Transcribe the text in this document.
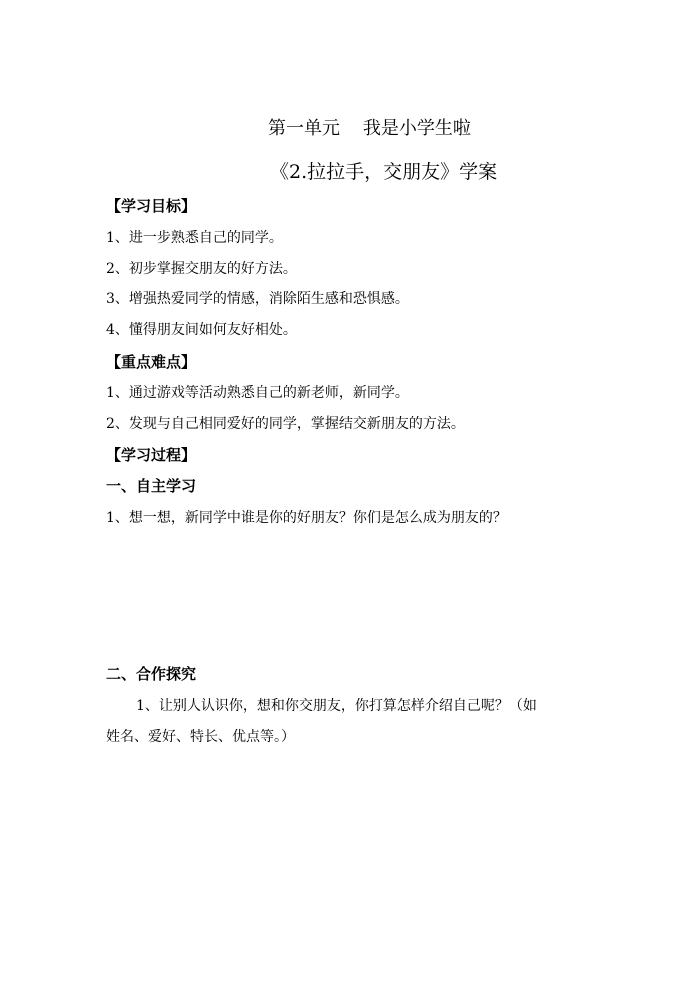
第一单元    我是小学生啦
《2.拉拉手，交朋友》学案
【学习目标】
1、进一步熟悉自己的同学。
2、初步掌握交朋友的好方法。
3、增强热爱同学的情感，消除陌生感和恐惧感。
4、懂得朋友间如何友好相处。
【重点难点】
1、通过游戏等活动熟悉自己的新老师，新同学。
2、发现与自己相同爱好的同学，掌握结交新朋友的方法。
【学习过程】
一、自主学习
1、想一想，新同学中谁是你的好朋友？你们是怎么成为朋友的？
二、合作探究
1、让别人认识你，想和你交朋友，你打算怎样介绍自己呢？（如
姓名、爱好、特长、优点等。）
